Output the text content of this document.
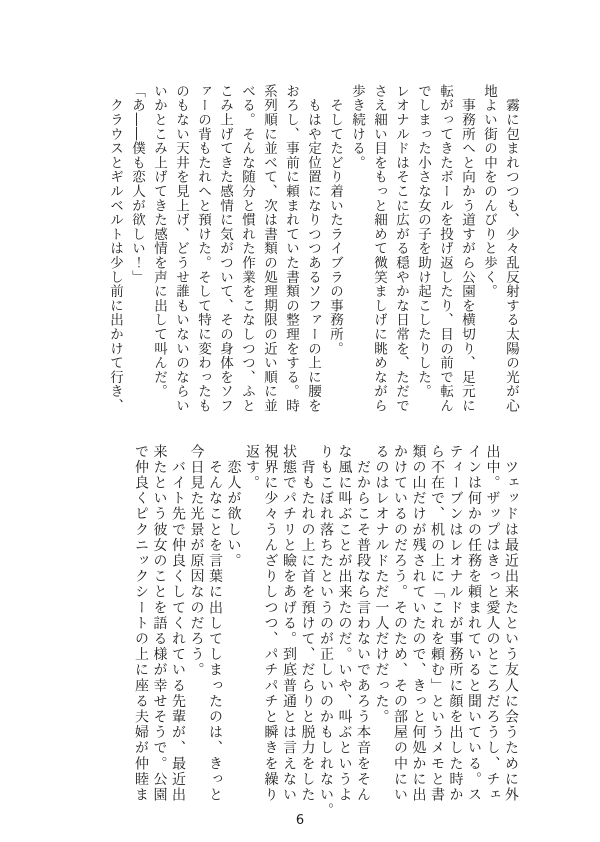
　霧に包まれつつも、少々乱反射する太陽の光が心

地よい街の中をのんびりと歩く。

　事務所へと向かう道すがら公園を横切り、足元に

転がってきたボールを投げ返したり、目の前で転ん

でしまった小さな女の子を助け起こしたりした。

レオナルドはそこに広がる穏やかな日常を、ただで

さえ細い目をもっと細めて微笑ましげに眺めながら

歩き続ける。

　そしてたどり着いたライブラの事務所。

　もはや定位置になりつつあるソファーの上に腰を

おろし、事前に頼まれていた書類の整理をする。時

系列順に並べて、次は書類の処理期限の近い順に並

べる。そんな随分と慣れた作業をこなしつつ、ふと

こみ上げてきた感情に気がついて、その身体をソフ

ァーの背もたれへと預けた。そして特に変わったも

のもない天井を見上げ、どうせ誰もいないのならい

いかとこみ上げてきた感情を声に出して叫んだ。

「あ――僕も恋人が欲しい！」

　クラウスとギルベルトは少し前に出かけて行き、

　ツェッドは最近出来たという友人に会うために外

出中。ザップはきっと愛人のところだろうし、チェ

インは何かの任務を頼まれていると聞いている。ス

ティーブンはレオナルドが事務所に顔を出した時か

ら不在で、机の上に「これを頼む」というメモと書

類の山だけが残されていたので、きっと何処かに出

かけているのだろう。そのため、その部屋の中にい

るのはレオナルドただ一人だけだった。

　だからこそ普段なら言わないであろう本音をそん

な風に叫ぶことが出来たのだ。いや、叫ぶというよ

りもこぼれ落ちたというのが正しいのかもしれない。

　背もたれの上に首を預けて、だらりと脱力をした

状態でパチリと瞼をあげる。到底普通とは言えない

視界に少々うんざりしつつ、パチパチと瞬きを繰り

返す。

　恋人が欲しい。

　そんなことを言葉に出してしまったのは、きっと

今日見た光景が原因なのだろう。

　バイト先で仲良くしてくれている先輩が、最近出

来たという彼女のことを語る様が幸せそうで。公園

で仲良くピクニックシートの上に座る夫婦が仲睦ま

6
